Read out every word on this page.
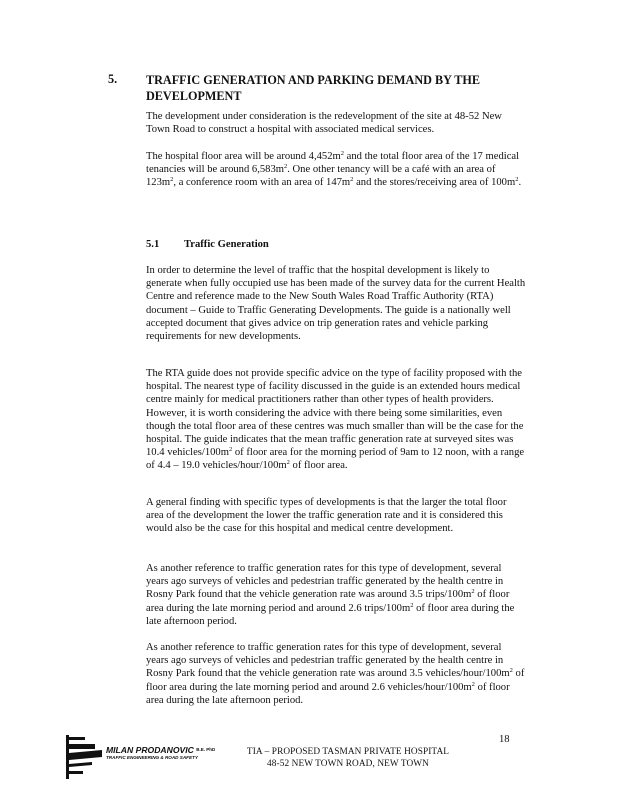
5. TRAFFIC GENERATION AND PARKING DEMAND BY THE DEVELOPMENT

The development under consideration is the redevelopment of the site at 48-52 New Town Road to construct a hospital with associated medical services.

The hospital floor area will be around $4,452m^2$ and the total floor area of the 17 medical tenancies will be around $6,583m^2$. One other tenancy will be a café with an area of $123m^2$, a conference room with an area of $147m^2$ and the stores/receiving area of $100m^2$.

5.1 Traffic Generation

In order to determine the level of traffic that the hospital development is likely to generate when fully occupied use has been made of the survey data for the current Health Centre and reference made to the New South Wales Road Traffic Authority (RTA) document – Guide to Traffic Generating Developments. The guide is a nationally well accepted document that gives advice on trip generation rates and vehicle parking requirements for new developments.

The RTA guide does not provide specific advice on the type of facility proposed with the hospital. The nearest type of facility discussed in the guide is an extended hours medical centre mainly for medical practitioners rather than other types of health providers. However, it is worth considering the advice with there being some similarities, even though the total floor area of these centres was much smaller than will be the case for the hospital. The guide indicates that the mean traffic generation rate at surveyed sites was 10.4 vehicles/$100m^2$ of floor area for the morning period of 9am to 12 noon, with a range of 4.4 – 19.0 vehicles/$hour/100m^2$ of floor area.

A general finding with specific types of developments is that the larger the total floor area of the development the lower the traffic generation rate and it is considered this would also be the case for this hospital and medical centre development.

As another reference to traffic generation rates for this type of development, several years ago surveys of vehicles and pedestrian traffic generated by the health centre in Rosny Park found that the vehicle generation rate was around 3.5 trips/$100m^2$ of floor area during the late morning period and around 2.6 trips/$100m^2$ of floor area during the late afternoon period.

As another reference to traffic generation rates for this type of development, several years ago surveys of vehicles and pedestrian traffic generated by the health centre in Rosny Park found that the vehicle generation rate was around 3.5 vehicles/$hour/100m^2$ of floor area during the late morning period and around 2.6 vehicles/$hour/100m^2$ of floor area during the late afternoon period.

18
MILAN PRODANOVIC $^{B.E. PhD}$
TRAFFIC ENGINEERING & ROAD SAFETY
TIA – PROPOSED TASMAN PRIVATE HOSPITAL
48-52 NEW TOWN ROAD, NEW TOWN
